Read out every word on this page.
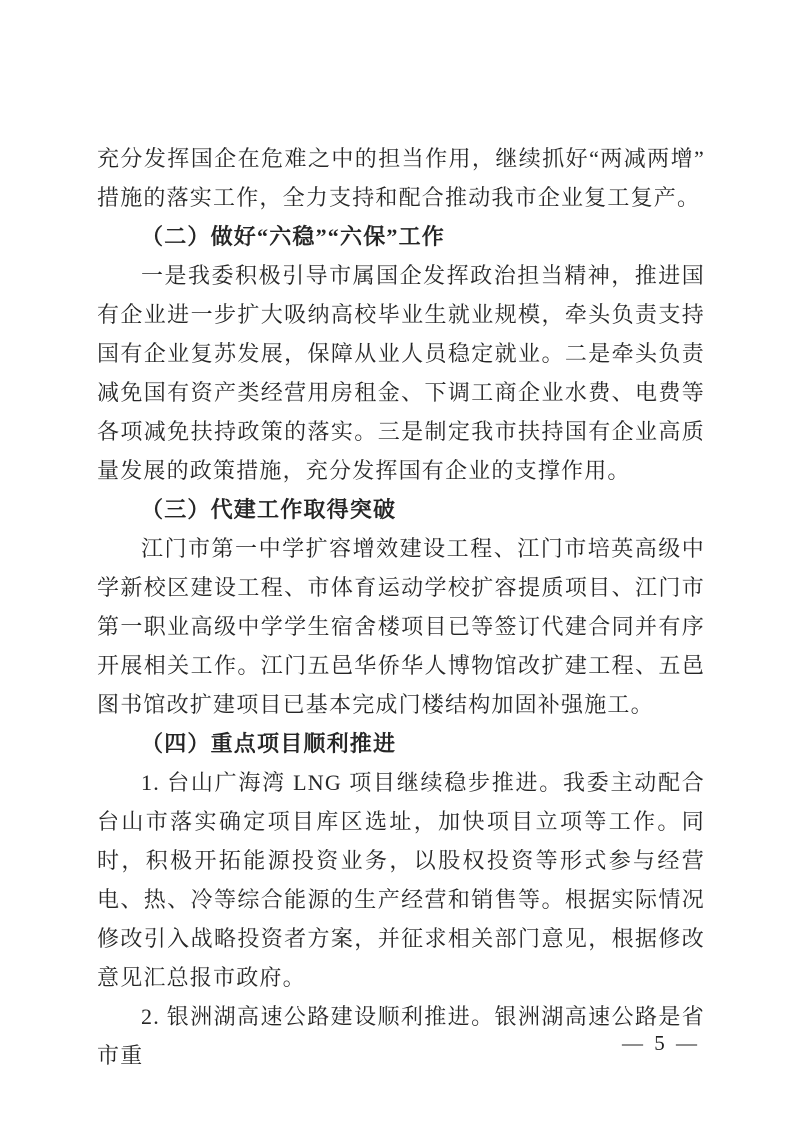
充分发挥国企在危难之中的担当作用，继续抓好“两减两增”措施的落实工作，全力支持和配合推动我市企业复工复产。

（二）做好“六稳”“六保”工作

一是我委积极引导市属国企发挥政治担当精神，推进国有企业进一步扩大吸纳高校毕业生就业规模，牵头负责支持国有企业复苏发展，保障从业人员稳定就业。二是牵头负责减免国有资产类经营用房租金、下调工商企业水费、电费等各项减免扶持政策的落实。三是制定我市扶持国有企业高质量发展的政策措施，充分发挥国有企业的支撑作用。

（三）代建工作取得突破

江门市第一中学扩容增效建设工程、江门市培英高级中学新校区建设工程、市体育运动学校扩容提质项目、江门市第一职业高级中学学生宿舍楼项目已等签订代建合同并有序开展相关工作。江门五邑华侨华人博物馆改扩建工程、五邑图书馆改扩建项目已基本完成门楼结构加固补强施工。

（四）重点项目顺利推进

1. 台山广海湾 LNG 项目继续稳步推进。我委主动配合台山市落实确定项目库区选址，加快项目立项等工作。同时，积极开拓能源投资业务，以股权投资等形式参与经营电、热、冷等综合能源的生产经营和销售等。根据实际情况修改引入战略投资者方案，并征求相关部门意见，根据修改意见汇总报市政府。

2. 银洲湖高速公路建设顺利推进。银洲湖高速公路是省市重	— 5 —
